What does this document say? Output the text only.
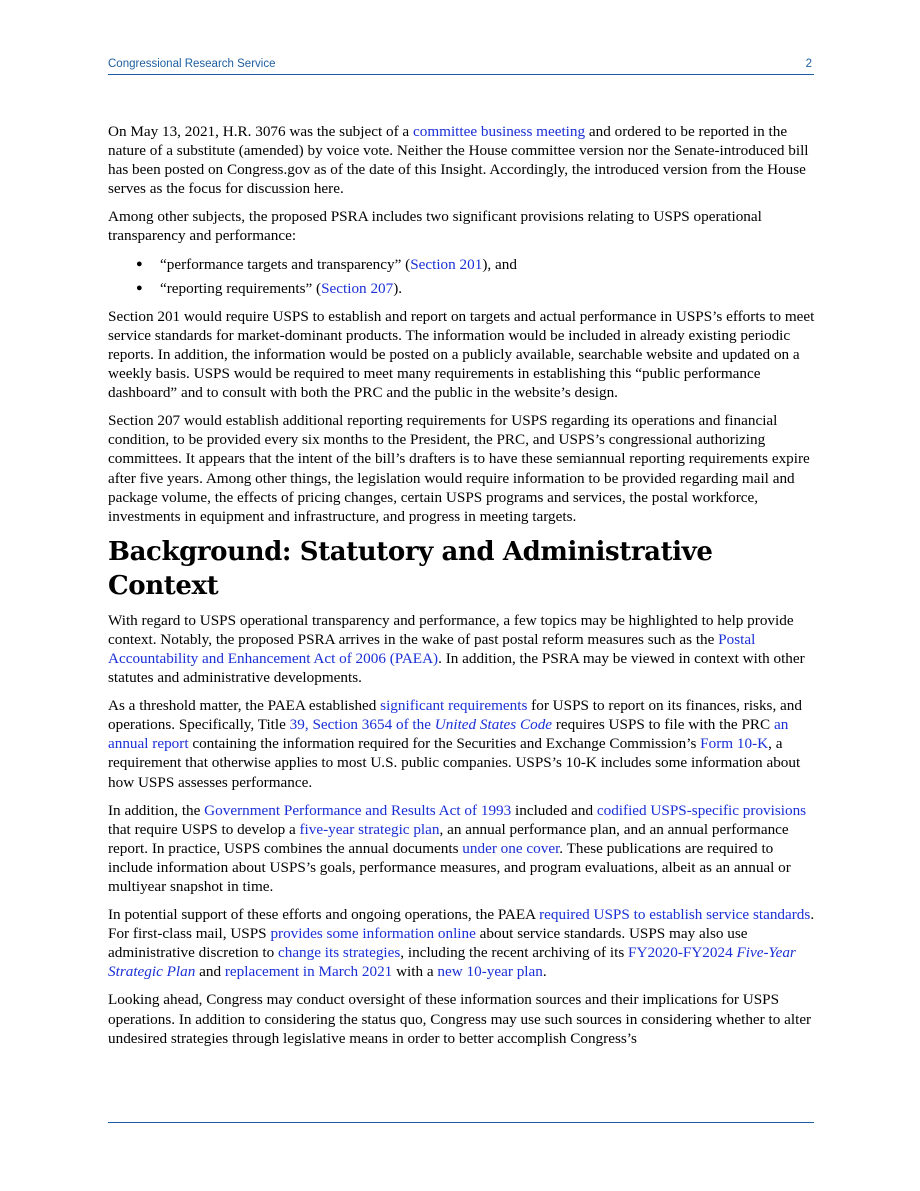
Congressional Research Service	2

On May 13, 2021, H.R. 3076 was the subject of a committee business meeting and ordered to be reported in the nature of a substitute (amended) by voice vote. Neither the House committee version nor the Senate-introduced bill has been posted on Congress.gov as of the date of this Insight. Accordingly, the introduced version from the House serves as the focus for discussion here.

Among other subjects, the proposed PSRA includes two significant provisions relating to USPS operational transparency and performance:

● “performance targets and transparency” (Section 201), and
● “reporting requirements” (Section 207).

Section 201 would require USPS to establish and report on targets and actual performance in USPS’s efforts to meet service standards for market-dominant products. The information would be included in already existing periodic reports. In addition, the information would be posted on a publicly available, searchable website and updated on a weekly basis. USPS would be required to meet many requirements in establishing this “public performance dashboard” and to consult with both the PRC and the public in the website’s design.

Section 207 would establish additional reporting requirements for USPS regarding its operations and financial condition, to be provided every six months to the President, the PRC, and USPS’s congressional authorizing committees. It appears that the intent of the bill’s drafters is to have these semiannual reporting requirements expire after five years. Among other things, the legislation would require information to be provided regarding mail and package volume, the effects of pricing changes, certain USPS programs and services, the postal workforce, investments in equipment and infrastructure, and progress in meeting targets.

Background: Statutory and Administrative Context

With regard to USPS operational transparency and performance, a few topics may be highlighted to help provide context. Notably, the proposed PSRA arrives in the wake of past postal reform measures such as the Postal Accountability and Enhancement Act of 2006 (PAEA). In addition, the PSRA may be viewed in context with other statutes and administrative developments.

As a threshold matter, the PAEA established significant requirements for USPS to report on its finances, risks, and operations. Specifically, Title 39, Section 3654 of the United States Code requires USPS to file with the PRC an annual report containing the information required for the Securities and Exchange Commission’s Form 10-K, a requirement that otherwise applies to most U.S. public companies. USPS’s 10-K includes some information about how USPS assesses performance.

In addition, the Government Performance and Results Act of 1993 included and codified USPS-specific provisions that require USPS to develop a five-year strategic plan, an annual performance plan, and an annual performance report. In practice, USPS combines the annual documents under one cover. These publications are required to include information about USPS’s goals, performance measures, and program evaluations, albeit as an annual or multiyear snapshot in time.

In potential support of these efforts and ongoing operations, the PAEA required USPS to establish service standards. For first-class mail, USPS provides some information online about service standards. USPS may also use administrative discretion to change its strategies, including the recent archiving of its FY2020-FY2024 Five-Year Strategic Plan and replacement in March 2021 with a new 10-year plan.

Looking ahead, Congress may conduct oversight of these information sources and their implications for USPS operations. In addition to considering the status quo, Congress may use such sources in considering whether to alter undesired strategies through legislative means in order to better accomplish Congress’s
